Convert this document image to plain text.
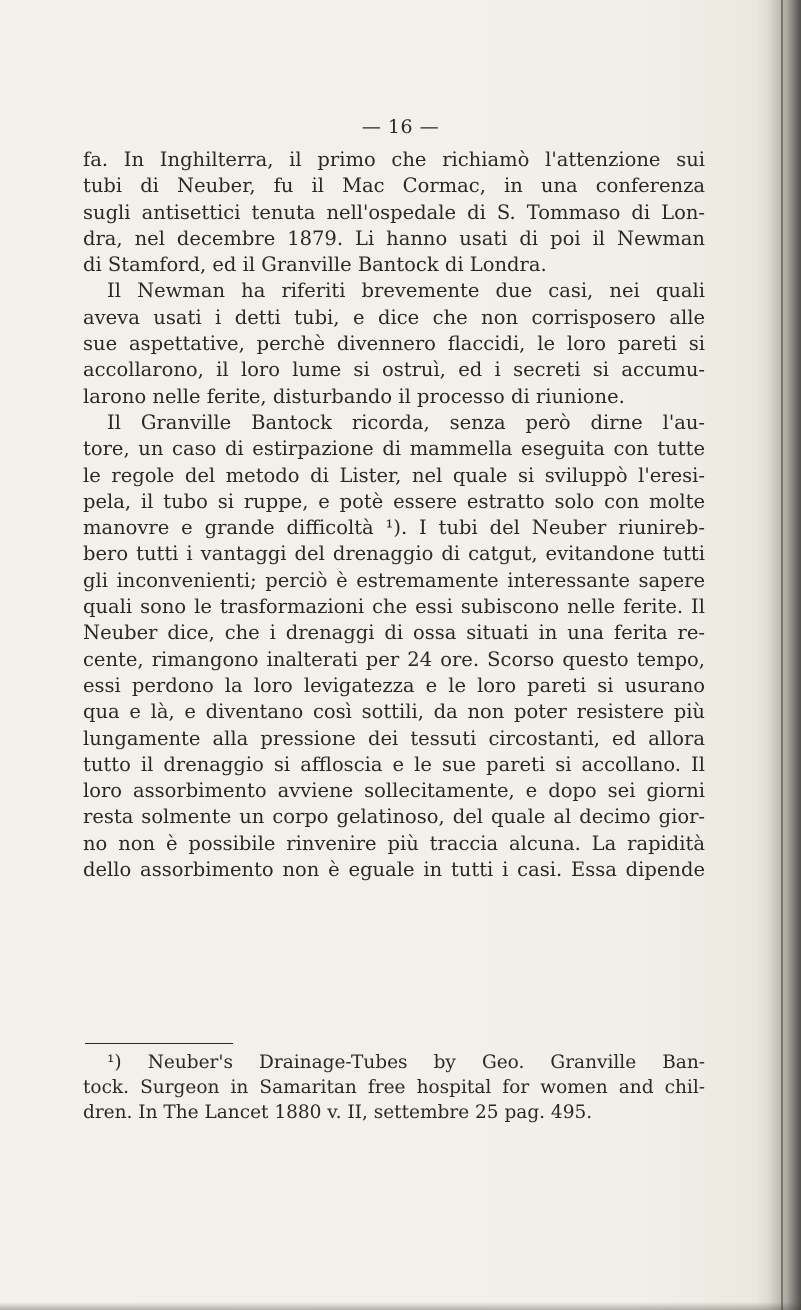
— 16 —
fa. In Inghilterra, il primo che richiamò l'attenzione sui
tubi di Neuber, fu il Mac Cormac, in una conferenza
sugli antisettici tenuta nell'ospedale di S. Tommaso di Lon-
dra, nel decembre 1879. Li hanno usati di poi il Newman
di Stamford, ed il Granville Bantock di Londra.
Il Newman ha riferiti brevemente due casi, nei quali
aveva usati i detti tubi, e dice che non corrisposero alle
sue aspettative, perchè divennero flaccidi, le loro pareti si
accollarono, il loro lume si ostruì, ed i secreti si accumu-
larono nelle ferite, disturbando il processo di riunione.
Il Granville Bantock ricorda, senza però dirne l'au-
tore, un caso di estirpazione di mammella eseguita con tutte
le regole del metodo di Lister, nel quale si sviluppò l'eresi-
pela, il tubo si ruppe, e potè essere estratto solo con molte
manovre e grande difficoltà ¹). I tubi del Neuber riunireb-
bero tutti i vantaggi del drenaggio di catgut, evitandone tutti
gli inconvenienti; perciò è estremamente interessante sapere
quali sono le trasformazioni che essi subiscono nelle ferite. Il
Neuber dice, che i drenaggi di ossa situati in una ferita re-
cente, rimangono inalterati per 24 ore. Scorso questo tempo,
essi perdono la loro levigatezza e le loro pareti si usurano
qua e là, e diventano così sottili, da non poter resistere più
lungamente alla pressione dei tessuti circostanti, ed allora
tutto il drenaggio si affloscia e le sue pareti si accollano. Il
loro assorbimento avviene sollecitamente, e dopo sei giorni
resta solmente un corpo gelatinoso, del quale al decimo gior-
no non è possibile rinvenire più traccia alcuna. La rapidità
dello assorbimento non è eguale in tutti i casi. Essa dipende
¹) Neuber's Drainage-Tubes by Geo. Granville Ban-
tock. Surgeon in Samaritan free hospital for women and chil-
dren. In The Lancet 1880 v. II, settembre 25 pag. 495.
